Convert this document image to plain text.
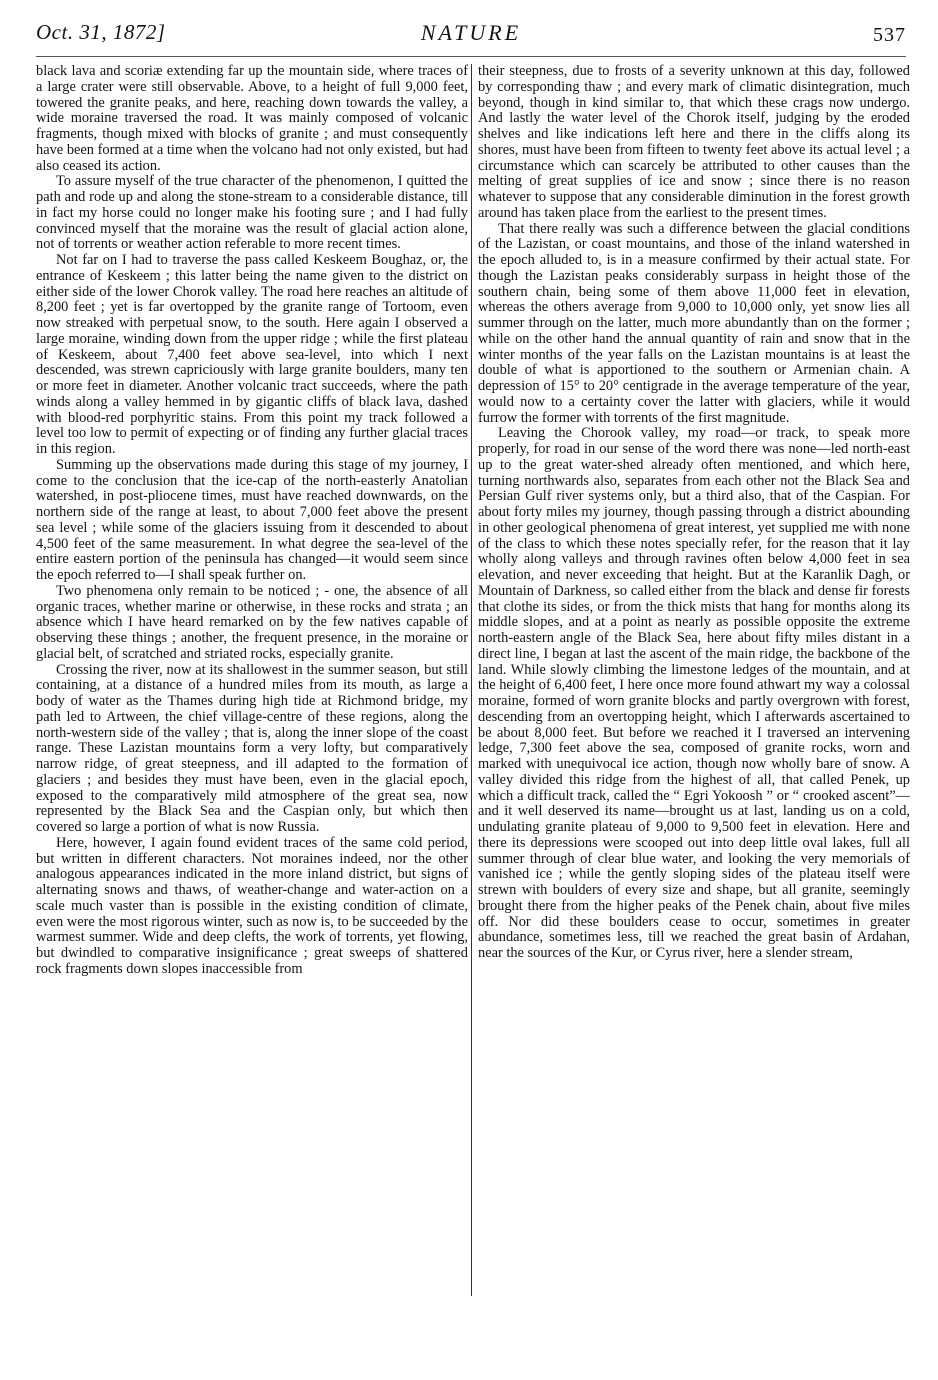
Oct. 31, 1872]	NATURE	537

black lava and scoriæ extending far up the mountain side, where traces of a large crater were still observable. Above, to a height of full 9,000 feet, towered the granite peaks, and here, reaching down towards the valley, a wide moraine traversed the road. It was mainly composed of volcanic fragments, though mixed with blocks of granite ; and must consequently have been formed at a time when the volcano had not only existed, but had also ceased its action.

To assure myself of the true character of the phenomenon, I quitted the path and rode up and along the stone-stream to a considerable distance, till in fact my horse could no longer make his footing sure ; and I had fully convinced myself that the moraine was the result of glacial action alone, not of torrents or weather action referable to more recent times.

Not far on I had to traverse the pass called Keskeem Boughaz, or, the entrance of Keskeem ; this latter being the name given to the district on either side of the lower Chorok valley. The road here reaches an altitude of 8,200 feet ; yet is far overtopped by the granite range of Tortoom, even now streaked with perpetual snow, to the south. Here again I observed a large moraine, winding down from the upper ridge ; while the first plateau of Keskeem, about 7,400 feet above sea-level, into which I next descended, was strewn capriciously with large granite boulders, many ten or more feet in diameter. Another volcanic tract succeeds, where the path winds along a valley hemmed in by gigantic cliffs of black lava, dashed with blood-red porphyritic stains. From this point my track followed a level too low to permit of expecting or of finding any further glacial traces in this region.

Summing up the observations made during this stage of my journey, I come to the conclusion that the ice-cap of the north-easterly Anatolian watershed, in post-pliocene times, must have reached downwards, on the northern side of the range at least, to about 7,000 feet above the present sea level ; while some of the glaciers issuing from it descended to about 4,500 feet of the same measurement. In what degree the sea-level of the entire eastern portion of the peninsula has changed—it would seem since the epoch referred to—I shall speak further on.

Two phenomena only remain to be noticed ; - one, the absence of all organic traces, whether marine or otherwise, in these rocks and strata ; an absence which I have heard remarked on by the few natives capable of observing these things ; another, the frequent presence, in the moraine or glacial belt, of scratched and striated rocks, especially granite.

Crossing the river, now at its shallowest in the summer season, but still containing, at a distance of a hundred miles from its mouth, as large a body of water as the Thames during high tide at Richmond bridge, my path led to Artween, the chief village-centre of these regions, along the north-western side of the valley ; that is, along the inner slope of the coast range. These Lazistan mountains form a very lofty, but comparatively narrow ridge, of great steepness, and ill adapted to the formation of glaciers ; and besides they must have been, even in the glacial epoch, exposed to the comparatively mild atmosphere of the great sea, now represented by the Black Sea and the Caspian only, but which then covered so large a portion of what is now Russia.

Here, however, I again found evident traces of the same cold period, but written in different characters. Not moraines indeed, nor the other analogous appearances indicated in the more inland district, but signs of alternating snows and thaws, of weather-change and water-action on a scale much vaster than is possible in the existing condition of climate, even were the most rigorous winter, such as now is, to be succeeded by the warmest summer. Wide and deep clefts, the work of torrents, yet flowing, but dwindled to comparative insignificance ; great sweeps of shattered rock fragments down slopes inaccessible from

their steepness, due to frosts of a severity unknown at this day, followed by corresponding thaw ; and every mark of climatic disintegration, much beyond, though in kind similar to, that which these crags now undergo. And lastly the water level of the Chorok itself, judging by the eroded shelves and like indications left here and there in the cliffs along its shores, must have been from fifteen to twenty feet above its actual level ; a circumstance which can scarcely be attributed to other causes than the melting of great supplies of ice and snow ; since there is no reason whatever to suppose that any considerable diminution in the forest growth around has taken place from the earliest to the present times.

That there really was such a difference between the glacial conditions of the Lazistan, or coast mountains, and those of the inland watershed in the epoch alluded to, is in a measure confirmed by their actual state. For though the Lazistan peaks considerably surpass in height those of the southern chain, being some of them above 11,000 feet in elevation, whereas the others average from 9,000 to 10,000 only, yet snow lies all summer through on the latter, much more abundantly than on the former ; while on the other hand the annual quantity of rain and snow that in the winter months of the year falls on the Lazistan mountains is at least the double of what is apportioned to the southern or Armenian chain. A depression of 15° to 20° centigrade in the average temperature of the year, would now to a certainty cover the latter with glaciers, while it would furrow the former with torrents of the first magnitude.

Leaving the Chorook valley, my road—or track, to speak more properly, for road in our sense of the word there was none—led north-east up to the great water-shed already often mentioned, and which here, turning northwards also, separates from each other not the Black Sea and Persian Gulf river systems only, but a third also, that of the Caspian. For about forty miles my journey, though passing through a district abounding in other geological phenomena of great interest, yet supplied me with none of the class to which these notes specially refer, for the reason that it lay wholly along valleys and through ravines often below 4,000 feet in sea elevation, and never exceeding that height. But at the Karanlik Dagh, or Mountain of Darkness, so called either from the black and dense fir forests that clothe its sides, or from the thick mists that hang for months along its middle slopes, and at a point as nearly as possible opposite the extreme north-eastern angle of the Black Sea, here about fifty miles distant in a direct line, I began at last the ascent of the main ridge, the backbone of the land. While slowly climbing the limestone ledges of the mountain, and at the height of 6,400 feet, I here once more found athwart my way a colossal moraine, formed of worn granite blocks and partly overgrown with forest, descending from an overtopping height, which I afterwards ascertained to be about 8,000 feet. But before we reached it I traversed an intervening ledge, 7,300 feet above the sea, composed of granite rocks, worn and marked with unequivocal ice action, though now wholly bare of snow. A valley divided this ridge from the highest of all, that called Penek, up which a difficult track, called the “ Egri Yokoosh ” or “ crooked ascent”—and it well deserved its name—brought us at last, landing us on a cold, undulating granite plateau of 9,000 to 9,500 feet in elevation. Here and there its depressions were scooped out into deep little oval lakes, full all summer through of clear blue water, and looking the very memorials of vanished ice ; while the gently sloping sides of the plateau itself were strewn with boulders of every size and shape, but all granite, seemingly brought there from the higher peaks of the Penek chain, about five miles off. Nor did these boulders cease to occur, sometimes in greater abundance, sometimes less, till we reached the great basin of Ardahan, near the sources of the Kur, or Cyrus river, here a slender stream,
